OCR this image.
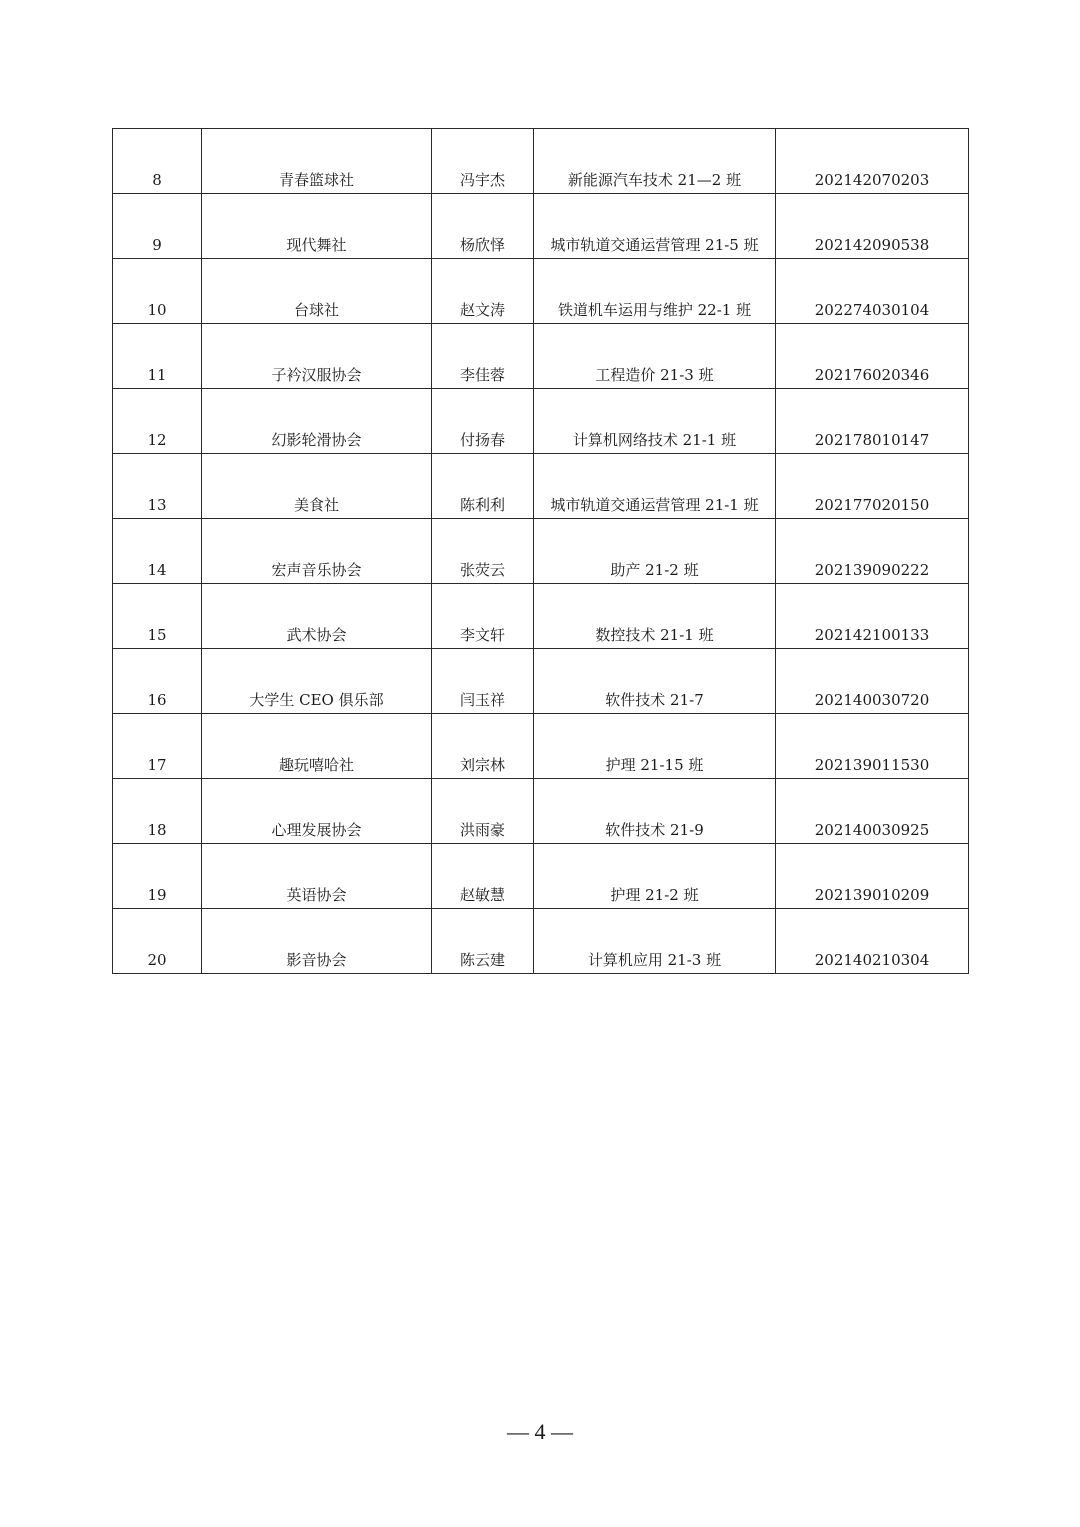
8	青春篮球社	冯宇杰	新能源汽车技术 21—2 班	202142070203
9	现代舞社	杨欣怿	城市轨道交通运营管理 21-5 班	202142090538
10	台球社	赵文涛	铁道机车运用与维护 22-1 班	202274030104
11	子衿汉服协会	李佳蓉	工程造价 21-3 班	202176020346
12	幻影轮滑协会	付扬春	计算机网络技术 21-1 班	202178010147
13	美食社	陈利利	城市轨道交通运营管理 21-1 班	202177020150
14	宏声音乐协会	张荧云	助产 21-2 班	202139090222
15	武术协会	李文轩	数控技术 21-1 班	202142100133
16	大学生 CEO 俱乐部	闫玉祥	软件技术 21-7	202140030720
17	趣玩嘻哈社	刘宗林	护理 21-15 班	202139011530
18	心理发展协会	洪雨豪	软件技术 21-9	202140030925
19	英语协会	赵敏慧	护理 21-2 班	202139010209
20	影音协会	陈云建	计算机应用 21-3 班	202140210304
— 4 —
